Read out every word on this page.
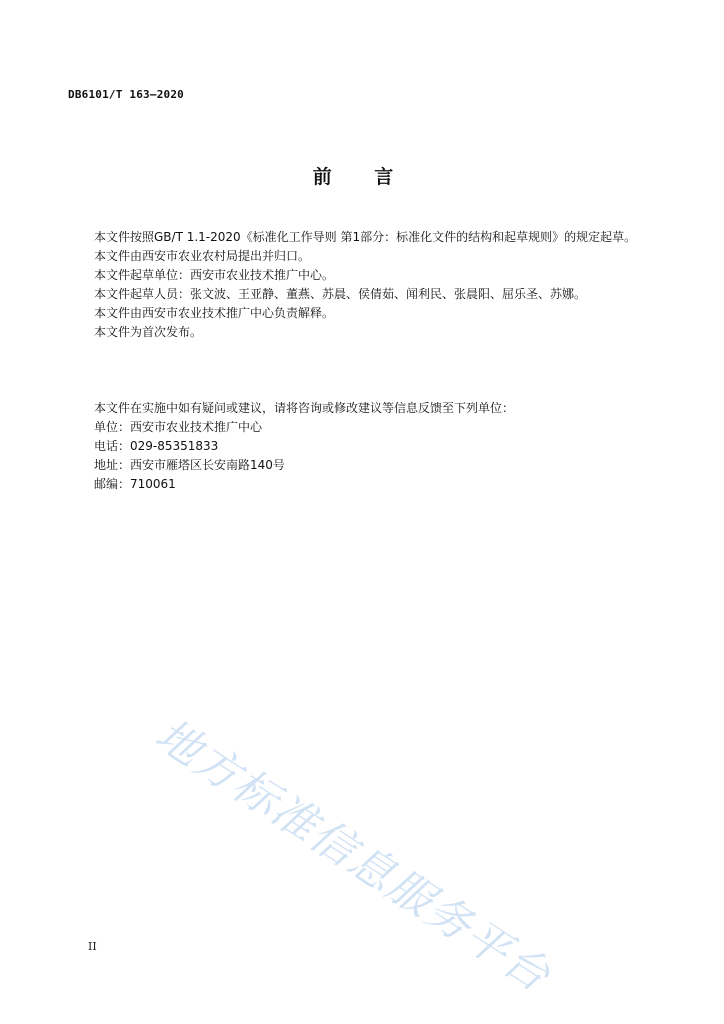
DB6101/T 163—2020
前 言

本文件按照GB/T 1.1-2020《标准化工作导则 第1部分：标准化文件的结构和起草规则》的规定起草。

本文件由西安市农业农村局提出并归口。

本文件起草单位：西安市农业技术推广中心。

本文件起草人员：张文波、王亚静、董燕、苏晨、侯倩茹、闻利民、张晨阳、屈乐圣、苏娜。

本文件由西安市农业技术推广中心负责解释。

本文件为首次发布。

本文件在实施中如有疑问或建议，请将咨询或修改建议等信息反馈至下列单位：

单位：西安市农业技术推广中心

电话：029-85351833

地址：西安市雁塔区长安南路140号

邮编：710061

地方标准信息服务平台
II
